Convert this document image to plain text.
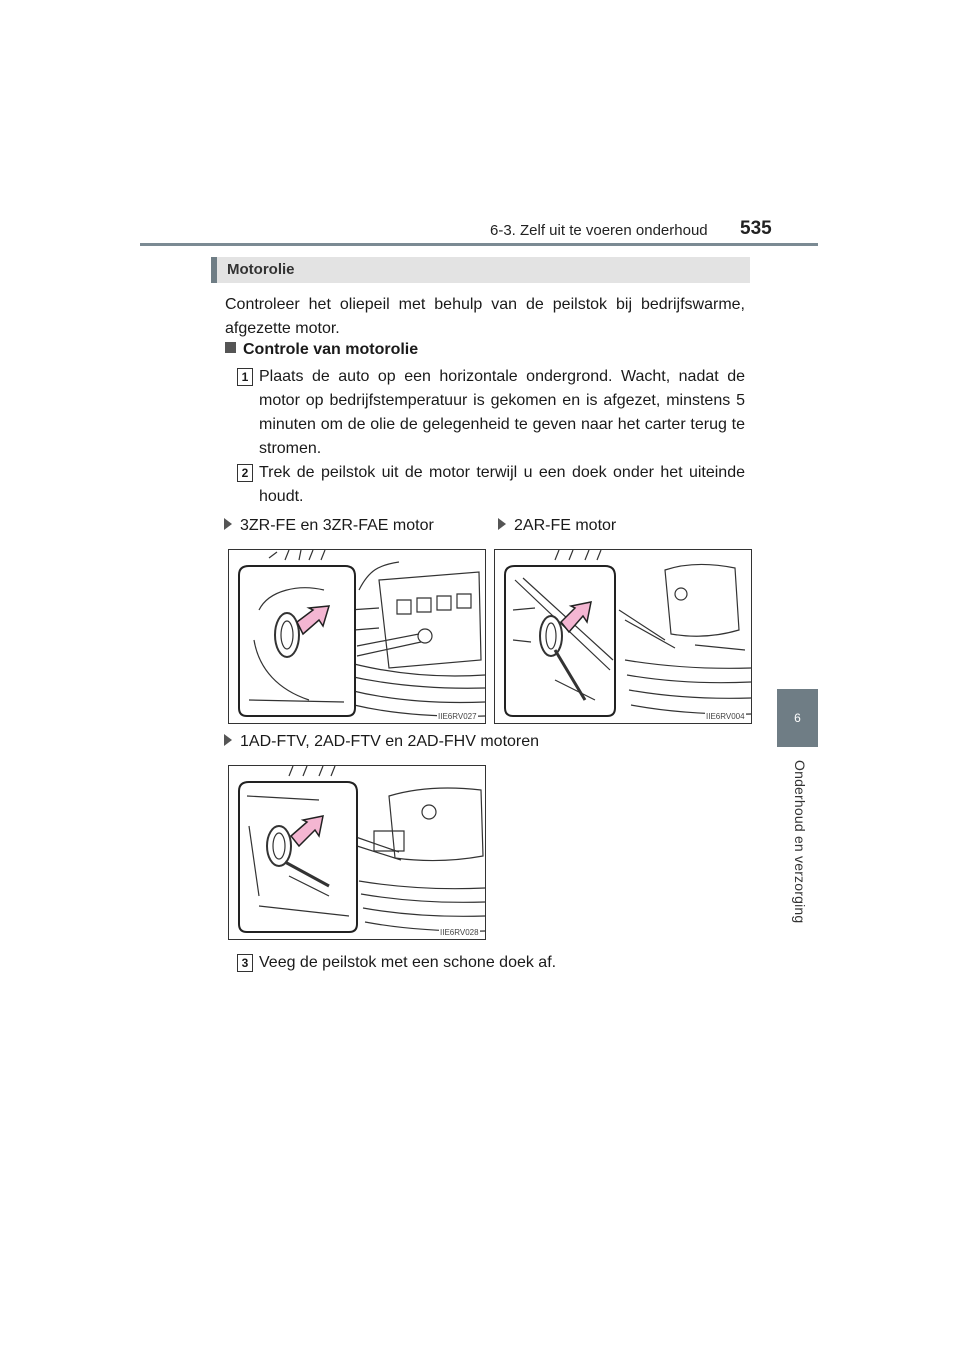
6-3. Zelf uit te voeren onderhoud 535
6
Onderhoud en verzorging
Motorolie
Controleer het oliepeil met behulp van de peilstok bij bedrijfswarme, afgezette motor.
Controle van motorolie
1 Plaats de auto op een horizontale ondergrond. Wacht, nadat de motor op bedrijfstemperatuur is gekomen en is afgezet, minstens 5 minuten om de olie de gelegenheid te geven naar het carter terug te stromen.
2 Trek de peilstok uit de motor terwijl u een doek onder het uiteinde houdt.
3ZR-FE en 3ZR-FAE motor	2AR-FE motor
IIE6RV027	IIE6RV004
1AD-FTV, 2AD-FTV en 2AD-FHV motoren
IIE6RV028
3 Veeg de peilstok met een schone doek af.
